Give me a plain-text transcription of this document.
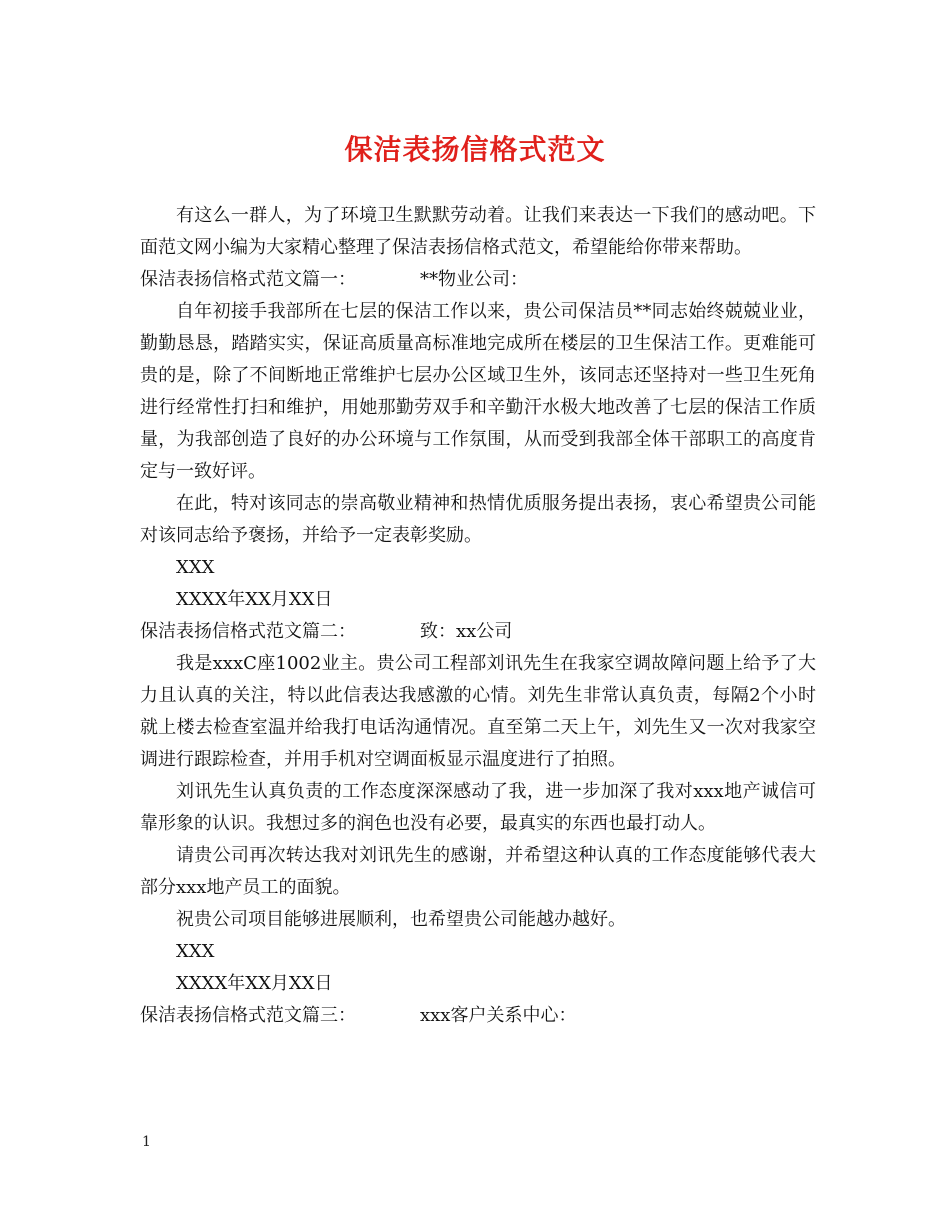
保洁表扬信格式范文

有这么一群人，为了环境卫生默默劳动着。让我们来表达一下我们的感动吧。下面范文网小编为大家精心整理了保洁表扬信格式范文，希望能给你带来帮助。

保洁表扬信格式范文篇一：	**物业公司：

自年初接手我部所在七层的保洁工作以来，贵公司保洁员**同志始终兢兢业业，勤勤恳恳，踏踏实实，保证高质量高标准地完成所在楼层的卫生保洁工作。更难能可贵的是，除了不间断地正常维护七层办公区域卫生外，该同志还坚持对一些卫生死角进行经常性打扫和维护，用她那勤劳双手和辛勤汗水极大地改善了七层的保洁工作质量，为我部创造了良好的办公环境与工作氛围，从而受到我部全体干部职工的高度肯定与一致好评。

在此，特对该同志的崇高敬业精神和热情优质服务提出表扬，衷心希望贵公司能对该同志给予褒扬，并给予一定表彰奖励。

XXX

XXXX年XX月XX日

保洁表扬信格式范文篇二：	致：xx公司

我是xxxC座1002业主。贵公司工程部刘讯先生在我家空调故障问题上给予了大力且认真的关注，特以此信表达我感激的心情。刘先生非常认真负责，每隔2个小时就上楼去检查室温并给我打电话沟通情况。直至第二天上午，刘先生又一次对我家空调进行跟踪检查，并用手机对空调面板显示温度进行了拍照。

刘讯先生认真负责的工作态度深深感动了我，进一步加深了我对xxx地产诚信可靠形象的认识。我想过多的润色也没有必要，最真实的东西也最打动人。

请贵公司再次转达我对刘讯先生的感谢，并希望这种认真的工作态度能够代表大部分xxx地产员工的面貌。

祝贵公司项目能够进展顺利，也希望贵公司能越办越好。

XXX

XXXX年XX月XX日

保洁表扬信格式范文篇三：	xxx客户关系中心：

1
